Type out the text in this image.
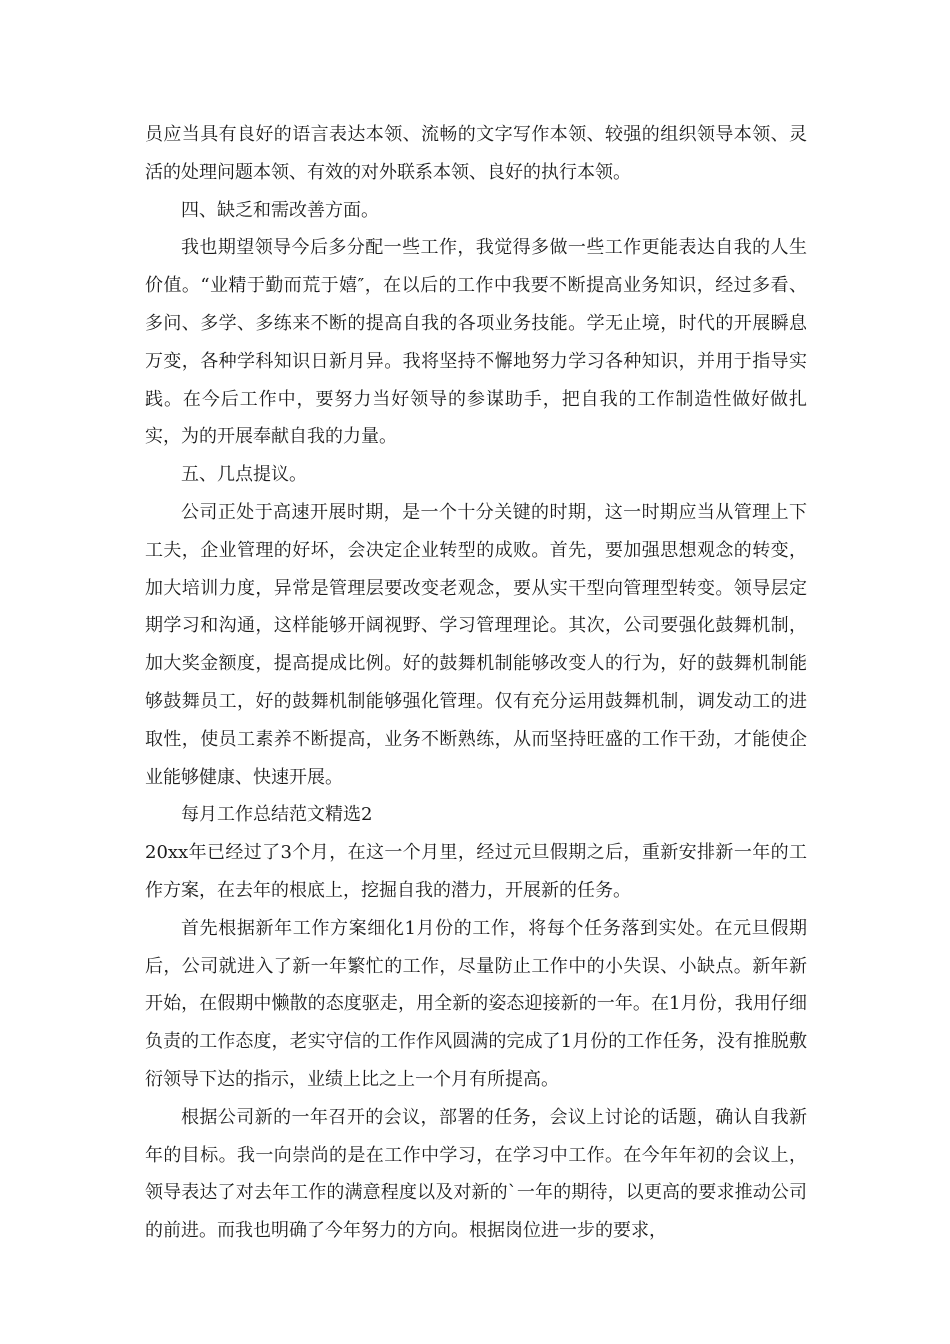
员应当具有良好的语言表达本领、流畅的文字写作本领、较强的组织领导本领、灵活的处理问题本领、有效的对外联系本领、良好的执行本领。

四、缺乏和需改善方面。

我也期望领导今后多分配一些工作，我觉得多做一些工作更能表达自我的人生价值。“业精于勤而荒于嬉″，在以后的工作中我要不断提高业务知识，经过多看、多问、多学、多练来不断的提高自我的各项业务技能。学无止境，时代的开展瞬息万变，各种学科知识日新月异。我将坚持不懈地努力学习各种知识，并用于指导实践。在今后工作中，要努力当好领导的参谋助手，把自我的工作制造性做好做扎实，为的开展奉献自我的力量。

五、几点提议。

公司正处于高速开展时期，是一个十分关键的时期，这一时期应当从管理上下工夫，企业管理的好坏，会决定企业转型的成败。首先，要加强思想观念的转变，加大培训力度，异常是管理层要改变老观念，要从实干型向管理型转变。领导层定期学习和沟通，这样能够开阔视野、学习管理理论。其次，公司要强化鼓舞机制，加大奖金额度，提高提成比例。好的鼓舞机制能够改变人的行为，好的鼓舞机制能够鼓舞员工，好的鼓舞机制能够强化管理。仅有充分运用鼓舞机制，调发动工的进取性，使员工素养不断提高，业务不断熟练，从而坚持旺盛的工作干劲，才能使企业能够健康、快速开展。

每月工作总结范文精选2

20xx年已经过了3个月，在这一个月里，经过元旦假期之后，重新安排新一年的工作方案，在去年的根底上，挖掘自我的潜力，开展新的任务。

首先根据新年工作方案细化1月份的工作，将每个任务落到实处。在元旦假期后，公司就进入了新一年繁忙的工作，尽量防止工作中的小失误、小缺点。新年新开始，在假期中懒散的态度驱走，用全新的姿态迎接新的一年。在1月份，我用仔细负责的工作态度，老实守信的工作作风圆满的完成了1月份的工作任务，没有推脱敷衍领导下达的指示，业绩上比之上一个月有所提高。

根据公司新的一年召开的会议，部署的任务，会议上讨论的话题，确认自我新年的目标。我一向崇尚的是在工作中学习，在学习中工作。在今年年初的会议上，领导表达了对去年工作的满意程度以及对新的`一年的期待，以更高的要求推动公司的前进。而我也明确了今年努力的方向。根据岗位进一步的要求，
